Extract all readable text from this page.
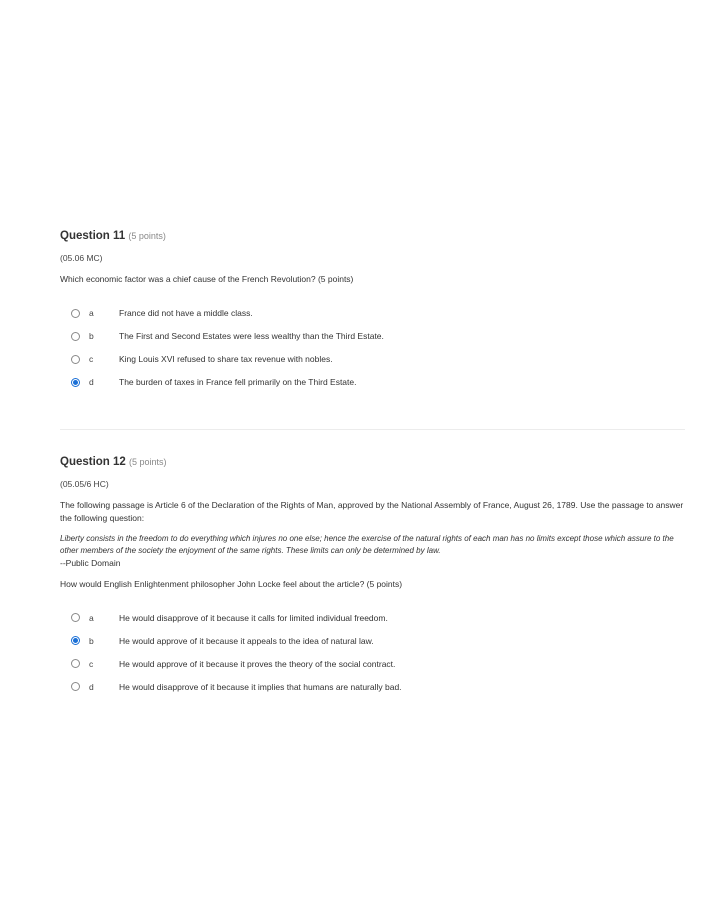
Question 11 (5 points)
(05.06 MC)
Which economic factor was a chief cause of the French Revolution? (5 points)
a	France did not have a middle class.
b	The First and Second Estates were less wealthy than the Third Estate.
c	King Louis XVI refused to share tax revenue with nobles.
d	The burden of taxes in France fell primarily on the Third Estate.
Question 12 (5 points)
(05.05/6 HC)
The following passage is Article 6 of the Declaration of the Rights of Man, approved by the National Assembly of France, August 26, 1789. Use the passage to answer the following question:
Liberty consists in the freedom to do everything which injures no one else; hence the exercise of the natural rights of each man has no limits except those which assure to the other members of the society the enjoyment of the same rights. These limits can only be determined by law.
--Public Domain
How would English Enlightenment philosopher John Locke feel about the article? (5 points)
a	He would disapprove of it because it calls for limited individual freedom.
b	He would approve of it because it appeals to the idea of natural law.
c	He would approve of it because it proves the theory of the social contract.
d	He would disapprove of it because it implies that humans are naturally bad.
